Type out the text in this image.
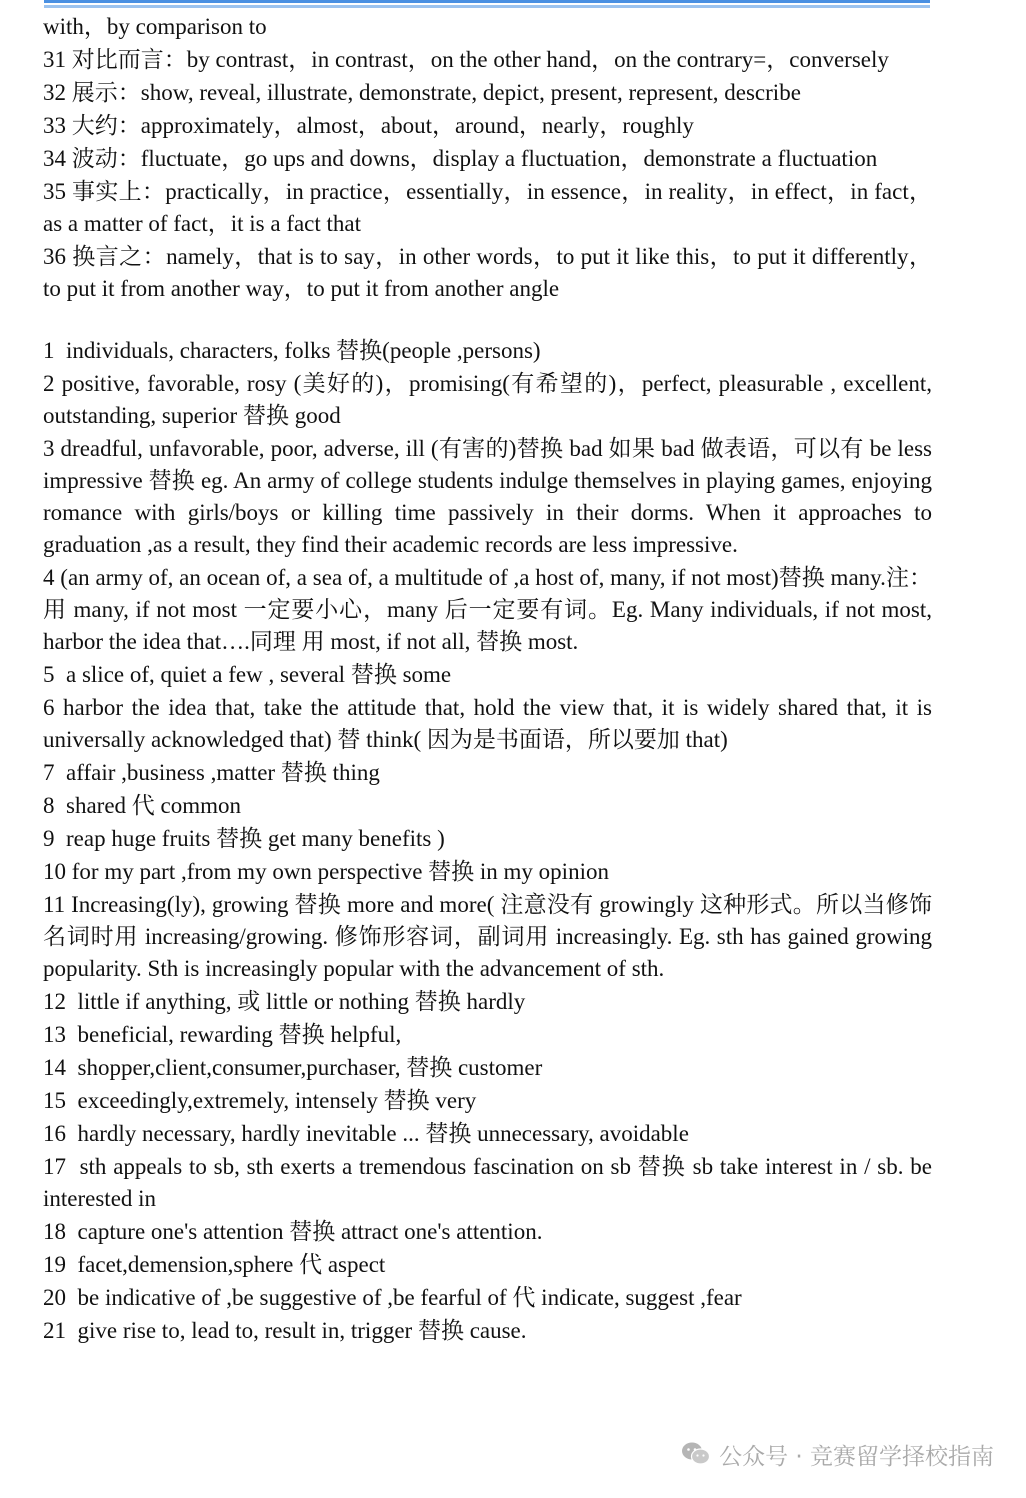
with，by comparison to
31 对比而言：by contrast，in contrast，on the other hand，on the contrary=，conversely
32 展示：show, reveal, illustrate, demonstrate, depict, present, represent, describe
33 大约：approximately，almost，about，around，nearly，roughly
34 波动：fluctuate，go ups and downs，display a fluctuation，demonstrate a fluctuation
35 事实上：practically，in practice，essentially，in essence，in reality，in effect，in fact，as a matter of fact，it is a fact that
36 换言之：namely，that is to say，in other words，to put it like this，to put it differently，to put it from another way，to put it from another angle
1  individuals, characters, folks 替换(people ,persons)
2 positive, favorable, rosy (美好的)，promising(有希望的)，perfect, pleasurable , excellent, outstanding, superior 替换 good
3 dreadful, unfavorable, poor, adverse, ill (有害的)替换 bad 如果 bad 做表语，可以有 be less impressive 替换 eg. An army of college students indulge themselves in playing games, enjoying romance with girls/boys or killing time passively in their dorms. When it approaches to graduation ,as a result, they find their academic records are less impressive.
4 (an army of, an ocean of, a sea of, a multitude of ,a host of, many, if not most)替换 many.注：用 many, if not most 一定要小心，many 后一定要有词。Eg. Many individuals, if not most, harbor the idea that….同理 用 most, if not all, 替换 most.
5  a slice of, quiet a few , several 替换 some
6 harbor the idea that, take the attitude that, hold the view that, it is widely shared that, it is universally acknowledged that) 替 think( 因为是书面语，所以要加 that)
7  affair ,business ,matter 替换 thing
8  shared 代 common
9  reap huge fruits 替换 get many benefits )
10 for my part ,from my own perspective 替换 in my opinion
11 Increasing(ly), growing 替换 more and more( 注意没有 growingly 这种形式。所以当修饰名词时用 increasing/growing. 修饰形容词，副词用 increasingly. Eg. sth has gained growing popularity. Sth is increasingly popular with the advancement of sth.
12  little if anything, 或 little or nothing 替换 hardly
13  beneficial, rewarding 替换 helpful,
14  shopper,client,consumer,purchaser, 替换 customer
15  exceedingly,extremely, intensely 替换 very
16  hardly necessary, hardly inevitable ... 替换 unnecessary, avoidable
17  sth appeals to sb, sth exerts a tremendous fascination on sb 替换 sb take interest in / sb. be interested in
18  capture one's attention 替换 attract one's attention.
19  facet,demension,sphere 代 aspect
20  be indicative of ,be suggestive of ,be fearful of 代 indicate, suggest ,fear
21  give rise to, lead to, result in, trigger 替换 cause.
公众号 · 竞赛留学择校指南
